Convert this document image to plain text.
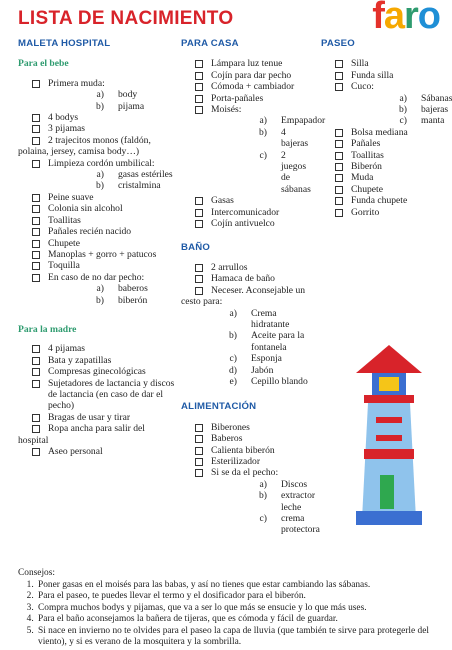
LISTA DE NACIMIENTO	faro
MALETA HOSPITAL
Para el bebe
Primera muda:
a) body
b) pijama
4 bodys
3 pijamas
2 trajecitos monos (faldón, polaina, jersey, camisa body…)
Limpieza cordón umbilical:
a) gasas estériles
b) cristalmina
Peine suave
Colonia sin alcohol
Toallitas
Pañales recién nacido
Chupete
Manoplas + gorro + patucos
Toquilla
En caso de no dar pecho:
a) baberos
b) biberón
Para la madre
4 pijamas
Bata y zapatillas
Compresas ginecológicas
Sujetadores de lactancia y discos de lactancia (en caso de dar el pecho)
Bragas de usar y tirar
Ropa ancha para salir del hospital
Aseo personal
PARA CASA
Lámpara luz tenue
Cojín para dar pecho
Cómoda + cambiador
Porta-pañales
Moisés:
a) Empapador
b) 4 bajeras
c) 2 juegos de sábanas
Gasas
Intercomunicador
Cojín antivuelco
BAÑO
2 arrullos
Hamaca de baño
Neceser. Aconsejable un cesto para:
a) Crema hidratante
b) Aceite para la fontanela
c) Esponja
d) Jabón
e) Cepillo blando
ALIMENTACIÓN
Biberones
Baberos
Calienta biberón
Esterilizador
Si se da el pecho:
a) Discos
b) extractor leche
c) crema protectora
PASEO
Silla
Funda silla
Cuco:
a) Sábanas
b) bajeras
c) manta
Bolsa mediana
Pañales
Toallitas
Biberón
Muda
Chupete
Funda chupete
Gorrito
Consejos:
1. Poner gasas en el moisés para las babas, y así no tienes que estar cambiando las sábanas.
2. Para el paseo, te puedes llevar el termo y el dosificador para el biberón.
3. Compra muchos bodys y pijamas, que va a ser lo que más se ensucie y lo que más uses.
4. Para el baño aconsejamos la bañera de tijeras, que es cómoda y fácil de guardar.
5. Si nace en invierno no te olvides para el paseo la capa de lluvia (que también te sirve para protegerle del viento), y si es verano de la mosquitera y la sombrilla.
